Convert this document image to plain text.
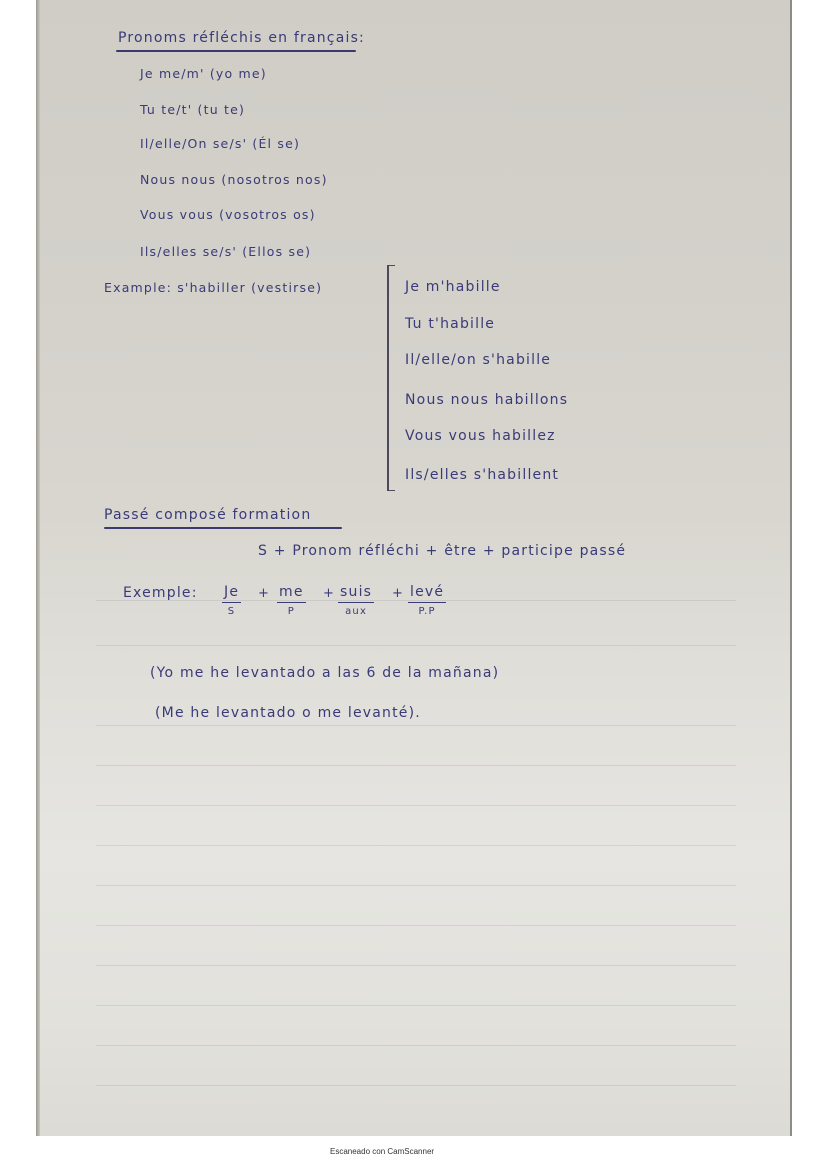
Pronoms réfléchis en français:
Je me/m' (yo me)
Tu te/t' (tu te)
Il/elle/On se/s' (Él se)
Nous nous (nosotros nos)
Vous vous (vosotros os)
Ils/elles se/s' (Ellos se)
Example: s'habiller (vestirse)	Je m'habille
Tu t'habille
Il/elle/on s'habille
Nous nous habillons
Vous vous habillez
Ils/elles s'habillent
Passé composé formation
S + Pronom réfléchi + être + participe passé
Exemple: Je
S
+ me
P
+ suis
aux
+ levé
P.P
(Yo me he levantado a las 6 de la mañana)
(Me he levantado o me levanté).
Escaneado con CamScanner
